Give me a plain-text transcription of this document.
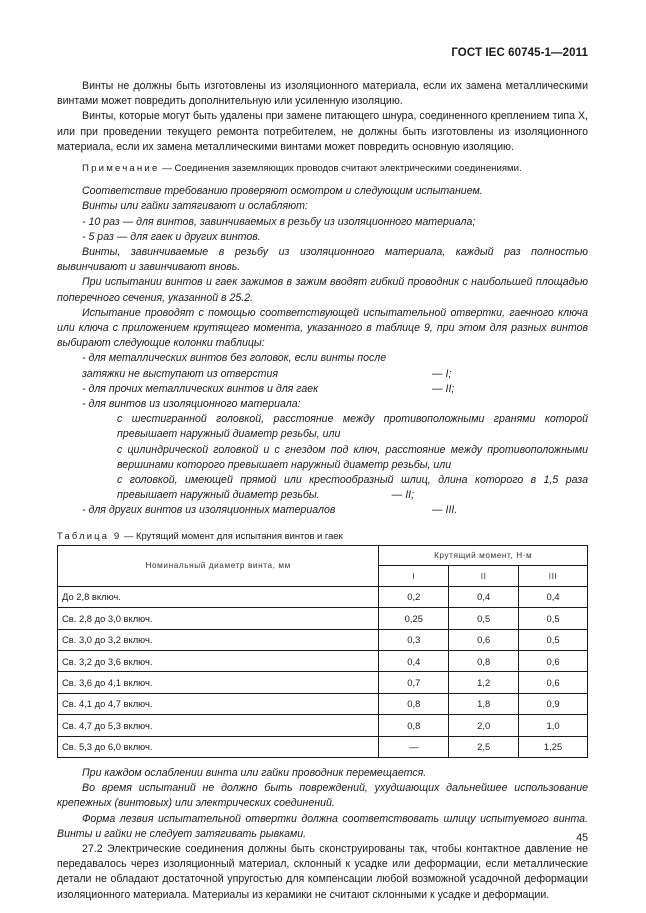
ГОСТ IEC 60745-1—2011

Винты не должны быть изготовлены из изоляционного материала, если их замена металлическими винтами может повредить дополнительную или усиленную изоляцию.

Винты, которые могут быть удалены при замене питающего шнура, соединенного креплением типа Х, или при проведении текущего ремонта потребителем, не должны быть изготовлены из изоляционного материала, если их замена металлическими винтами может повредить основную изоляцию.

Примечание — Соединения заземляющих проводов считают электрическими соединениями.

Соответствие требованию проверяют осмотром и следующим испытанием.

Винты или гайки затягивают и ослабляют:

- 10 раз — для винтов, завинчиваемых в резьбу из изоляционного материала;

- 5 раз — для гаек и других винтов.

Винты, завинчиваемые в резьбу из изоляционного материала, каждый раз полностью вывинчивают и завинчивают вновь.

При испытании винтов и гаек зажимов в зажим вводят гибкий проводник с наибольшей площадью поперечного сечения, указанной в 25.2.

Испытание проводят с помощью соответствующей испытательной отвертки, гаечного ключа или ключа с приложением крутящего момента, указанного в таблице 9, при этом для разных винтов выбирают следующие колонки таблицы:

- для металлических винтов без головок, если винты после
затяжки не выступают из отверстия	— I;
- для прочих металлических винтов и для гаек	— II;
- для винтов из изоляционного материала:

с шестигранной головкой, расстояние между противоположными гранями которой превышает наружный диаметр резьбы, или

с цилиндрической головкой и с гнездом под ключ, расстояние между противоположными вершинами которого превышает наружный диаметр резьбы, или

с головкой, имеющей прямой или крестообразный шлиц, длина которого в 1,5 раза превышает наружный диаметр резьбы.	— II;

- для других винтов из изоляционных материалов	— III.
Таблица 9 — Крутящий момент для испытания винтов и гаек
Номинальный диаметр винта, мм	Крутящий момент, Н·м		
	I	II	III
До 2,8 включ.	0,2	0,4	0,4
Св. 2,8 до 3,0 включ.	0,25	0,5	0,5
Св. 3,0 до 3,2 включ.	0,3	0,6	0,5
Св. 3,2 до 3,6 включ.	0,4	0,8	0,6
Св. 3,6 до 4,1 включ.	0,7	1,2	0,6
Св. 4,1 до 4,7 включ.	0,8	1,8	0,9
Св. 4,7 до 5,3 включ.	0,8	2,0	1,0
Св. 5,3 до 6,0 включ.	—	2,5	1,25

При каждом ослаблении винта или гайки проводник перемещается.

Во время испытаний не должно быть повреждений, ухудшающих дальнейшее использование крепежных (винтовых) или электрических соединений.

Форма лезвия испытательной отвертки должна соответствовать шлицу испытуемого винта. Винты и гайки не следует затягивать рывками.

27.2 Электрические соединения должны быть сконструированы так, чтобы контактное давление не передавалось через изоляционный материал, склонный к усадке или деформации, если металлические детали не обладают достаточной упругостью для компенсации любой возможной усадочной деформации изоляционного материала. Материалы из керамики не считают склонными к усадке и деформации.

45
